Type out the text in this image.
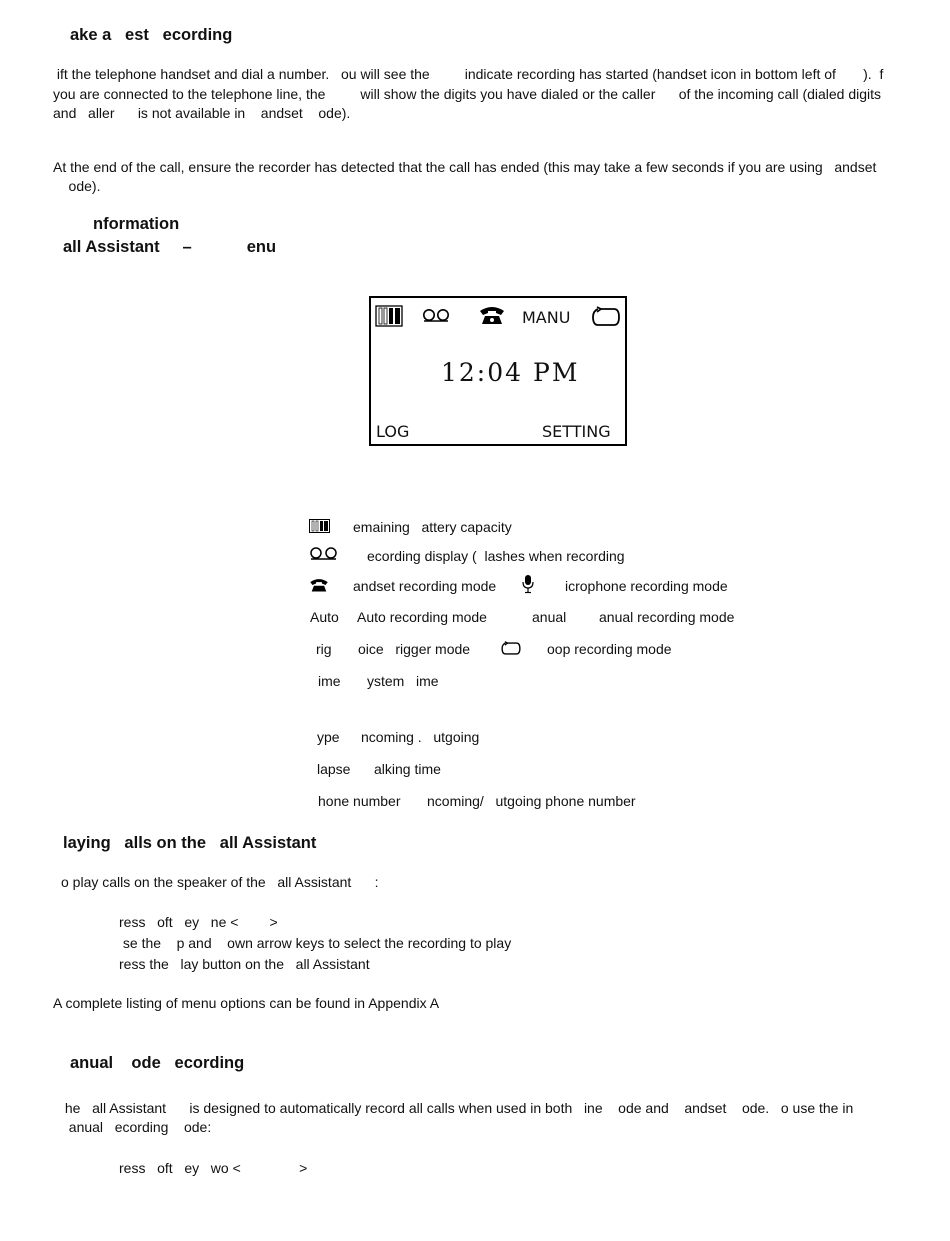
ake a   est   ecording
ift the telephone handset and dial a number.   ou will see the         indicate recording has started (handset icon in bottom left of       ).  f
you are connected to the telephone line, the         will show the digits you have dialed or the caller      of the incoming call (dialed digits
and   aller      is not available in    andset    ode).
At the end of the call, ensure the recorder has detected that the call has ended (this may take a few seconds if you are using   andset
ode).
nformation
all Assistant     –            enu
MANU
12:04 PM
LOG	SETTING
emaining   attery capacity
ecording display (  lashes when recording
andset recording mode	icrophone recording mode
Auto Auto recording mode	anual anual recording mode
rig oice   rigger mode	oop recording mode
ime ystem   ime
ype ncoming .   utgoing
lapse alking time
hone number ncoming/   utgoing phone number
laying   alls on the   all Assistant
o play calls on the speaker of the   all Assistant      :
ress   oft   ey   ne <        >
se the    p and    own arrow keys to select the recording to play
ress the   lay button on the   all Assistant
A complete listing of menu options can be found in Appendix A
anual    ode   ecording
he   all Assistant      is designed to automatically record all calls when used in both   ine    ode and    andset    ode.   o use the in
anual   ecording    ode:
ress   oft   ey   wo <               >
